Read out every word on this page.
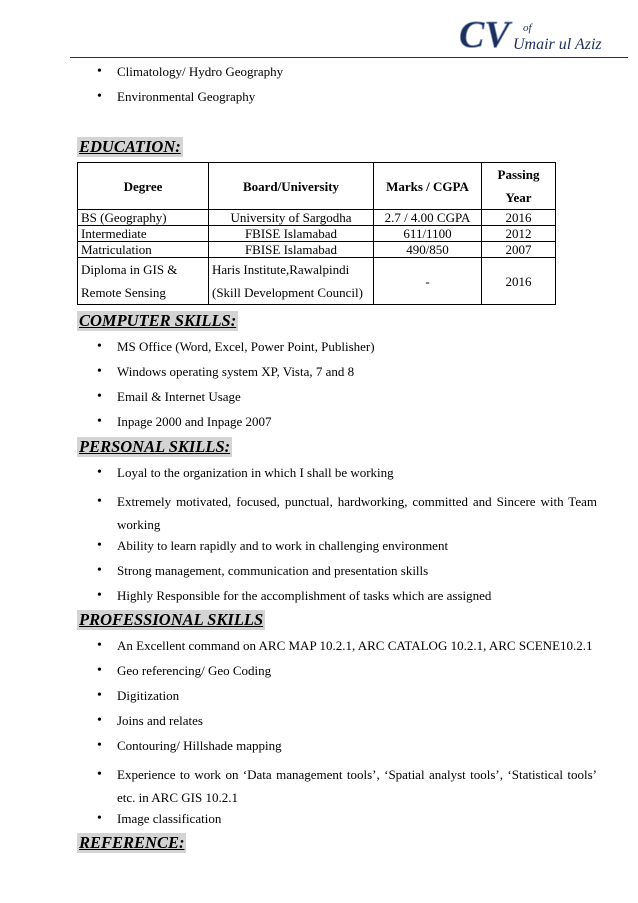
CV of
Umair ul Aziz
• Climatology/ Hydro Geography
• Environmental Geography
EDUCATION:
Degree	Board/University	Marks / CGPA	Passing
Year

BS (Geography)	University of Sargodha	2.7 / 4.00 CGPA	2016
Intermediate	FBISE Islamabad	611/1100	2012
Matriculation	FBISE Islamabad	490/850	2007

Diploma in GIS &
Remote Sensing	Haris Institute,Rawalpindi
(Skill Development Council)	-	2016
COMPUTER SKILLS:
• MS Office (Word, Excel, Power Point, Publisher)
• Windows operating system XP, Vista, 7 and 8
• Email & Internet Usage
• Inpage 2000 and Inpage 2007
PERSONAL SKILLS:
• Loyal to the organization in which I shall be working
• Extremely motivated, focused, punctual, hardworking, committed and Sincere with Team working
• Ability to learn rapidly and to work in challenging environment
• Strong management, communication and presentation skills
• Highly Responsible for the accomplishment of tasks which are assigned
PROFESSIONAL SKILLS
• An Excellent command on ARC MAP 10.2.1, ARC CATALOG 10.2.1, ARC SCENE10.2.1
• Geo referencing/ Geo Coding
• Digitization
• Joins and relates
• Contouring/ Hillshade mapping
• Experience to work on ‘Data management tools’, ‘Spatial analyst tools’, ‘Statistical tools’ etc. in ARC GIS 10.2.1
• Image classification
REFERENCE:
